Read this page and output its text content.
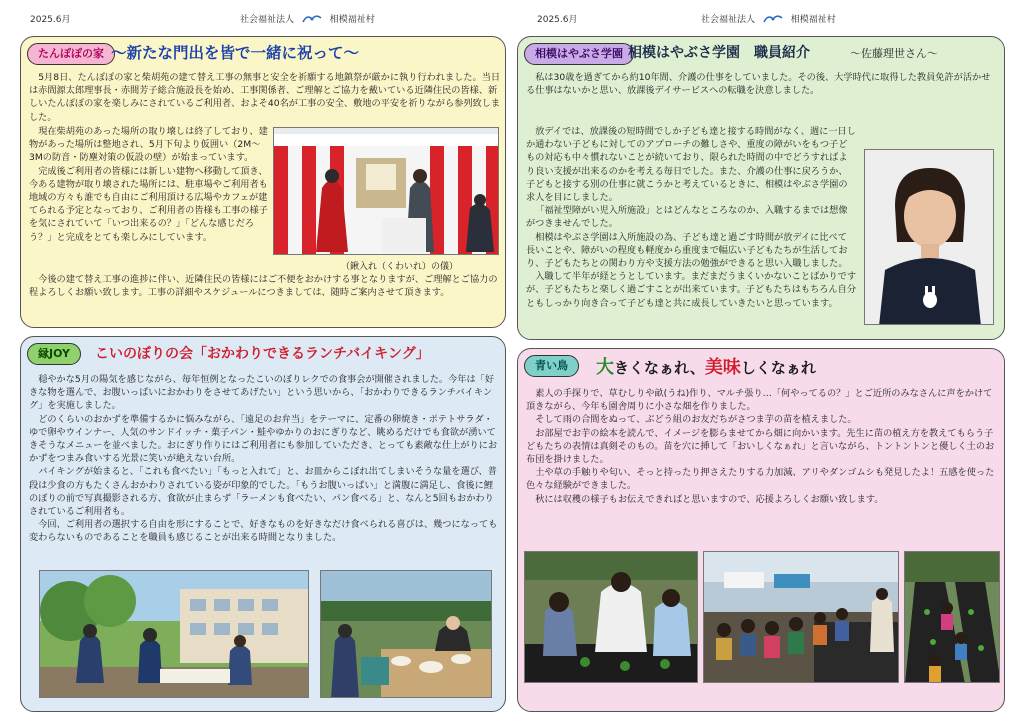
2025.6月	社会福祉法人	相模福祉村	2025.6月	社会福祉法人	相模福祉村
たんぽぽの家 ～新たな門出を皆で一緒に祝って～

5月8日、たんぽぽの家と柴胡苑の建て替え工事の無事と安全を祈願する地鎮祭が厳かに執り行われました。当日は赤間源太郎理事長・赤間芳子総合施設長を始め、工事関係者、ご理解とご協力を戴いている近隣住民の皆様、新しいたんぽぽの家を楽しみにされているご利用者、およそ40名が工事の安全、敷地の平安を祈りながら参列致しました。

現在柴胡苑のあった場所の取り壊しは終了しており、建物があった場所は整地され、5月下旬より仮囲い（2M～3Mの防音・防塵対策の仮設の壁）が始まっています。

完成後ご利用者の皆様には新しい建物へ移動して頂き、今ある建物が取り壊された場所には、駐車場やご利用者も地域の方々も誰でも自由にご利用頂ける広場やカフェが建てられる予定となっており、ご利用者の皆様も工事の様子を気にされていて「いつ出来るの？」「どんな感じだろう？」と完成をとても楽しみにしています。

今後の建て替え工事の進捗に伴い、近隣住民の皆様にはご不便をおかけする事となりますが、ご理解とご協力の程よろしくお願い致します。工事の詳細やスケジュールにつきましては、随時ご案内させて頂きます。

（鍬入れ（くわいれ）の儀）
縁JOY	こいのぼりの会「おかわりできるランチバイキング」

穏やかな5月の陽気を感じながら、毎年恒例となったこいのぼりレクでの食事会が開催されました。今年は「好きな物を選んで、お腹いっぱいにおかわりをさせてあげたい」という思いから、「おかわりできるランチバイキング」を実施しました。

どのくらいのおかずを準備するかに悩みながら、「遠足のお弁当」をテーマに、定番の卵焼き・ポテトサラダ・ゆで卵やウインナー、人気のサンドイッチ・菓子パン・鮭やゆかりのおにぎりなど、眺めるだけでも食欲が湧いてきそうなメニューを並べました。おにぎり作りにはご利用者にも参加していただき、とっても素敵な仕上がりにおかずをつまみ食いする光景に笑いが絶えない台所。

バイキングが始まると、「これも食べたい」「もっと入れて」と、お皿からこぼれ出てしまいそうな量を選び、普段は少食の方もたくさんおかわりされている姿が印象的でした。「もうお腹いっぱい」と満腹に満足し、食後に鯉のぼりの前で写真撮影される方、食欲が止まらず「ラーメンも食べたい、パン食べる」と、なんと5回もおかわりされているご利用者も。

今回、ご利用者の選択する自由を形にすることで、好きなものを好きなだけ食べられる喜びは、幾つになっても変わらないものであることを職員も感じることが出来る時間となりました。

相模はやぶさ学園 相模はやぶさ学園　職員紹介	～佐藤理世さん～

私は30歳を過ぎてから約10年間、介護の仕事をしていました。その後、大学時代に取得した教員免許が活かせる仕事はないかと思い、放課後デイサービスへの転職を決意しました。

放デイでは、放課後の短時間でしか子ども達と接する時間がなく、週に一日しか通わない子どもに対してのアプローチの難しさや、重度の障がいをもつ子どもの対応も中々慣れないことが続いており、限られた時間の中でどうすればより良い支援が出来るのかを考える毎日でした。また、介護の仕事に戻ろうか、子どもと接する別の仕事に就こうかと考えているときに、相模はやぶさ学園の求人を目にしました。

「福祉型障がい児入所施設」とはどんなところなのか、入職するまでは想像がつきませんでした。

相模はやぶさ学園は入所施設の為、子ども達と過ごす時間が放デイに比べて長いことや、障がいの程度も軽度から重度まで幅広い子どもたちが生活しており、子どもたちとの関わり方や支援方法の勉強ができると思い入職しました。

入職して半年が経とうとしています。まだまだうまくいかないことばかりですが、子どもたちと楽しく過ごすことが出来ています。子どもたちはもちろん自分ともしっかり向き合って子ども達と共に成長していきたいと思っています。

青い鳥	大きくなぁれ、美味しくなぁれ

素人の手探りで、草むしりや畝(うね)作り、マルチ張り…「何やってるの？」とご近所のみなさんに声をかけて頂きながら、今年も園舎周りに小さな畑を作りました。

そして雨の合間をぬって、ぶどう組のお友だちがさつま芋の苗を植えました。

お部屋でお芋の絵本を読んで、イメージを膨らませてから畑に向かいます。先生に苗の植え方を教えてもらう子どもたちの表情は真剣そのもの。苗を穴に挿して「おいしくなぁれ」と言いながら、トントントンと優しく土のお布団を掛けました。

土や草の手触りや匂い、そっと持ったり押さえたりする力加減、アリやダンゴムシも発見したよ！五感を使った色々な経験ができました。

秋には収穫の様子もお伝えできればと思いますので、応援よろしくお願い致します。
